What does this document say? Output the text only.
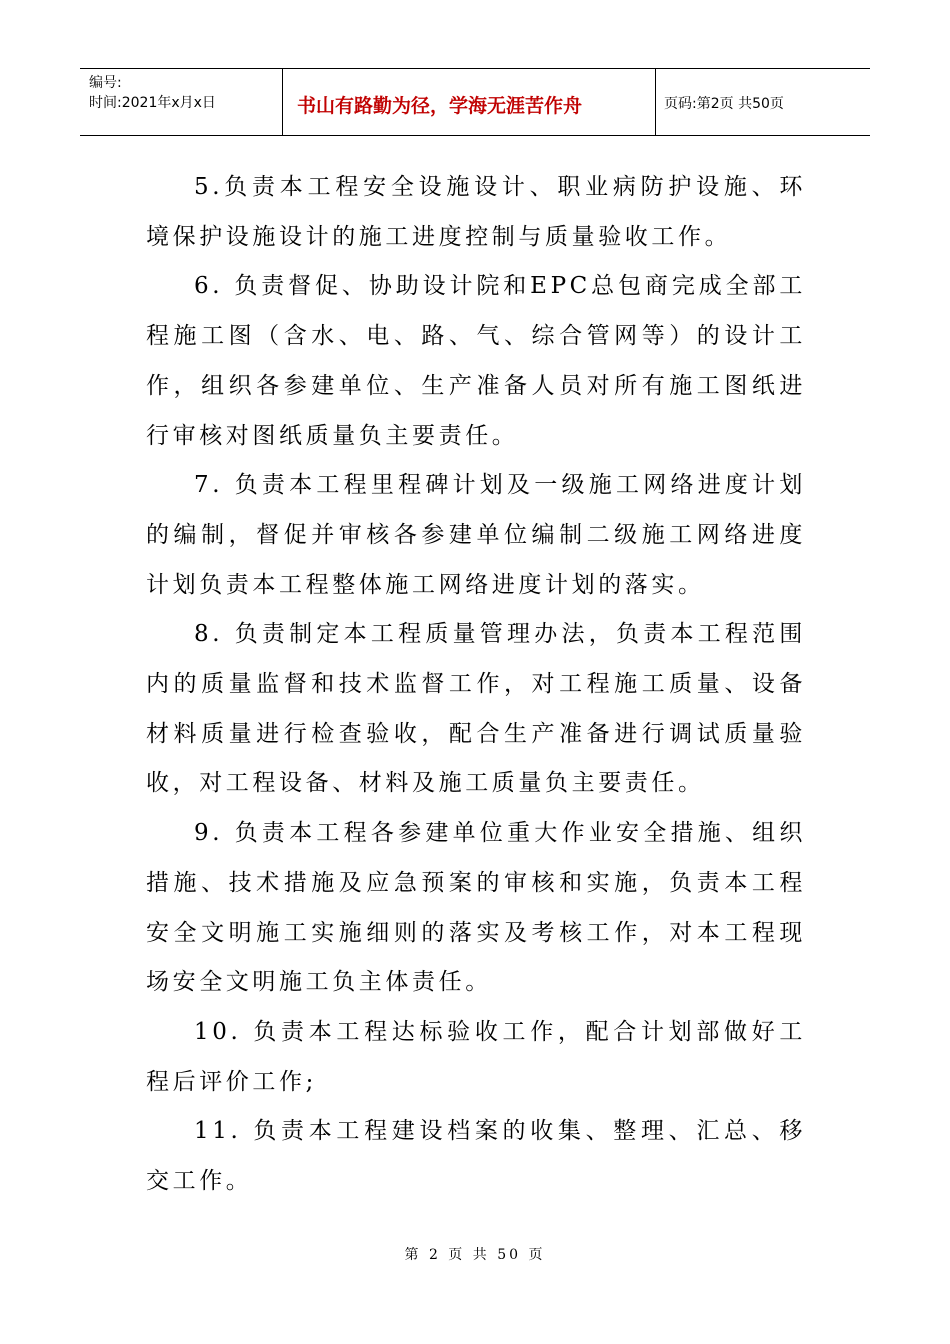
编号:
时间:2021年x月x日	书山有路勤为径，学海无涯苦作舟	页码:第2页 共50页

5.负责本工程安全设施设计、职业病防护设施、环境保护设施设计的施工进度控制与质量验收工作。

6. 负责督促、协助设计院和EPC总包商完成全部工程施工图（含水、电、路、气、综合管网等）的设计工作，组织各参建单位、生产准备人员对所有施工图纸进行审核对图纸质量负主要责任。

7. 负责本工程里程碑计划及一级施工网络进度计划的编制，督促并审核各参建单位编制二级施工网络进度计划负责本工程整体施工网络进度计划的落实。

8. 负责制定本工程质量管理办法，负责本工程范围内的质量监督和技术监督工作，对工程施工质量、设备材料质量进行检查验收，配合生产准备进行调试质量验收，对工程设备、材料及施工质量负主要责任。

9. 负责本工程各参建单位重大作业安全措施、组织措施、技术措施及应急预案的审核和实施，负责本工程安全文明施工实施细则的落实及考核工作，对本工程现场安全文明施工负主体责任。

10. 负责本工程达标验收工作，配合计划部做好工程后评价工作;

11. 负责本工程建设档案的收集、整理、汇总、移交工作。

第 2 页 共 50 页
